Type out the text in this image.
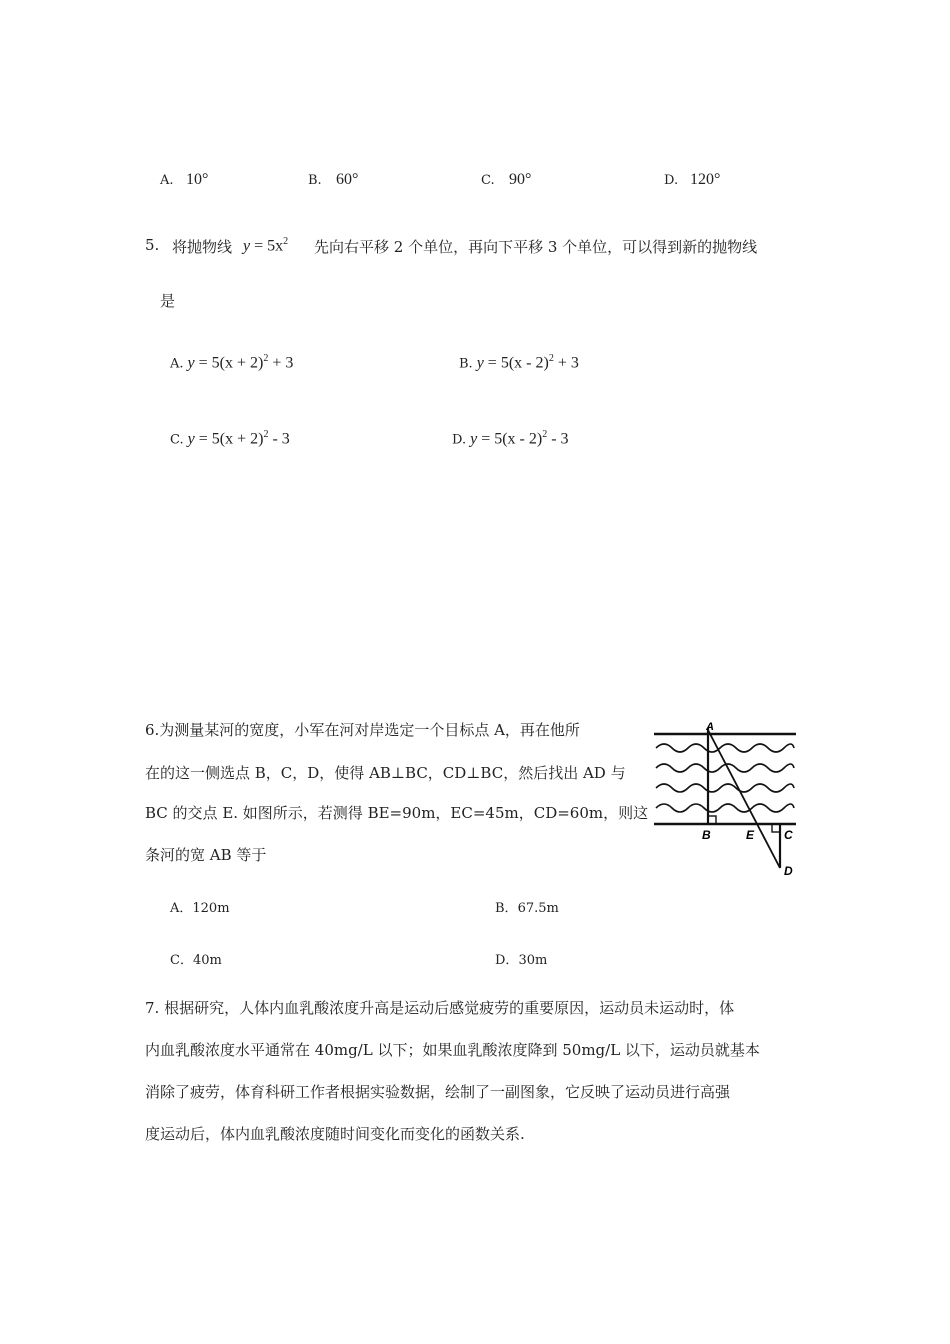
A. 10°	B. 60°	C. 90°	D. 120°
5. 将抛物线 $y = 5x^2$ 先向右平移 2 个单位，再向下平移 3 个单位，可以得到新的抛物线
是
A. $y = 5(x + 2)^2 + 3$	B. y = 5(x - 2)$^2$ + 3
C. $y = 5(x + 2)^2 - 3$	D. y = 5(x - 2)$^2$ - 3
6.为测量某河的宽度，小军在河对岸选定一个目标点 A，再在他所
在的这一侧选点 B，C，D，使得 AB⊥BC，CD⊥BC，然后找出 AD 与
BC 的交点 E. 如图所示，若测得 BE=90m，EC=45m，CD=60m，则这
条河的宽 AB 等于
A
B	E C
D
A．120m	B．67.5m
C．40m	D．30m
7. 根据研究，人体内血乳酸浓度升高是运动后感觉疲劳的重要原因，运动员未运动时，体
内血乳酸浓度水平通常在 40mg/L 以下；如果血乳酸浓度降到 50mg/L 以下，运动员就基本
消除了疲劳，体育科研工作者根据实验数据，绘制了一副图象，它反映了运动员进行高强
度运动后，体内血乳酸浓度随时间变化而变化的函数关系.
